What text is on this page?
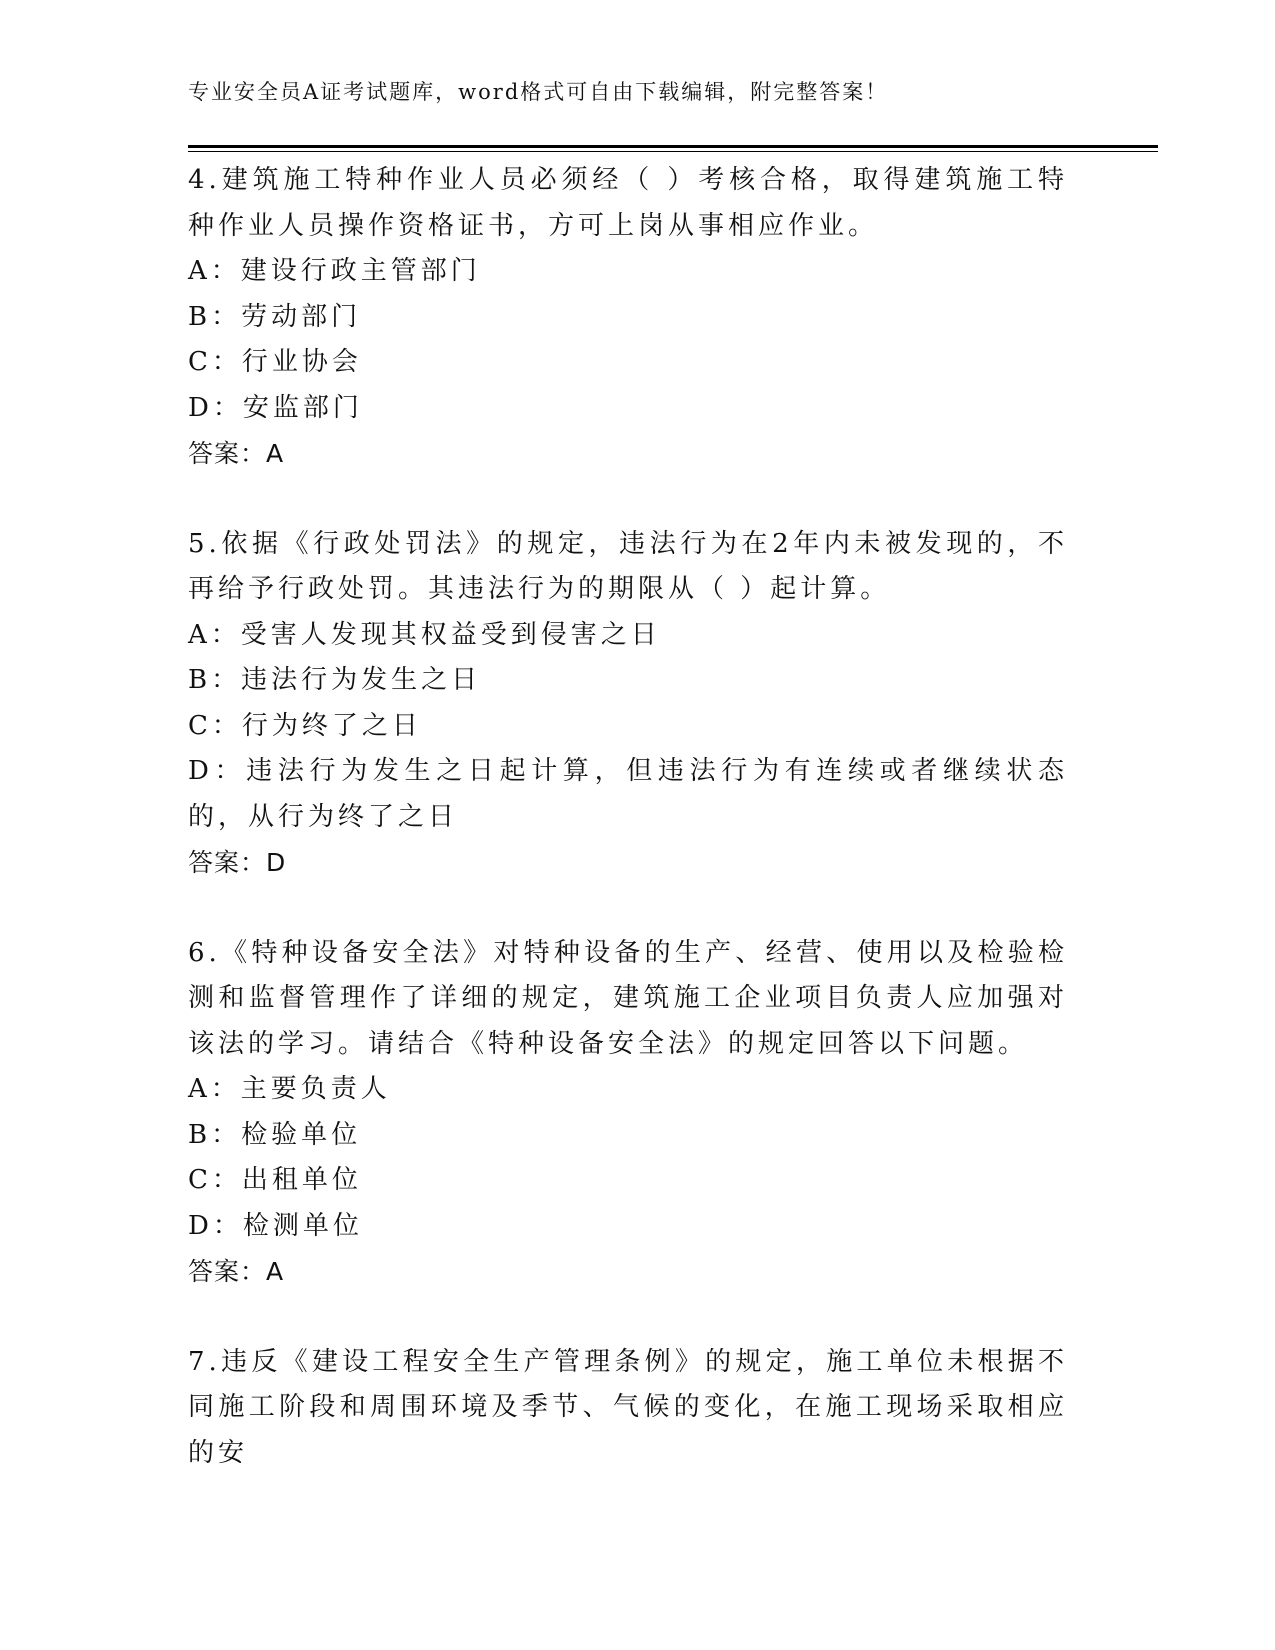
专业安全员A证考试题库，word格式可自由下载编辑，附完整答案！
4.建筑施工特种作业人员必须经（ ）考核合格，取得建筑施工特种作业人员操作资格证书，方可上岗从事相应作业。
A：建设行政主管部门
B：劳动部门
C：行业协会
D：安监部门
答案：A
5.依据《行政处罚法》的规定，违法行为在2年内未被发现的，不再给予行政处罚。其违法行为的期限从（ ）起计算。
A：受害人发现其权益受到侵害之日
B：违法行为发生之日
C：行为终了之日
D：违法行为发生之日起计算，但违法行为有连续或者继续状态的，从行为终了之日
答案：D
6.《特种设备安全法》对特种设备的生产、经营、使用以及检验检测和监督管理作了详细的规定，建筑施工企业项目负责人应加强对该法的学习。请结合《特种设备安全法》的规定回答以下问题。
A：主要负责人
B：检验单位
C：出租单位
D：检测单位
答案：A
7.违反《建设工程安全生产管理条例》的规定，施工单位未根据不同施工阶段和周围环境及季节、气候的变化，在施工现场采取相应的安
